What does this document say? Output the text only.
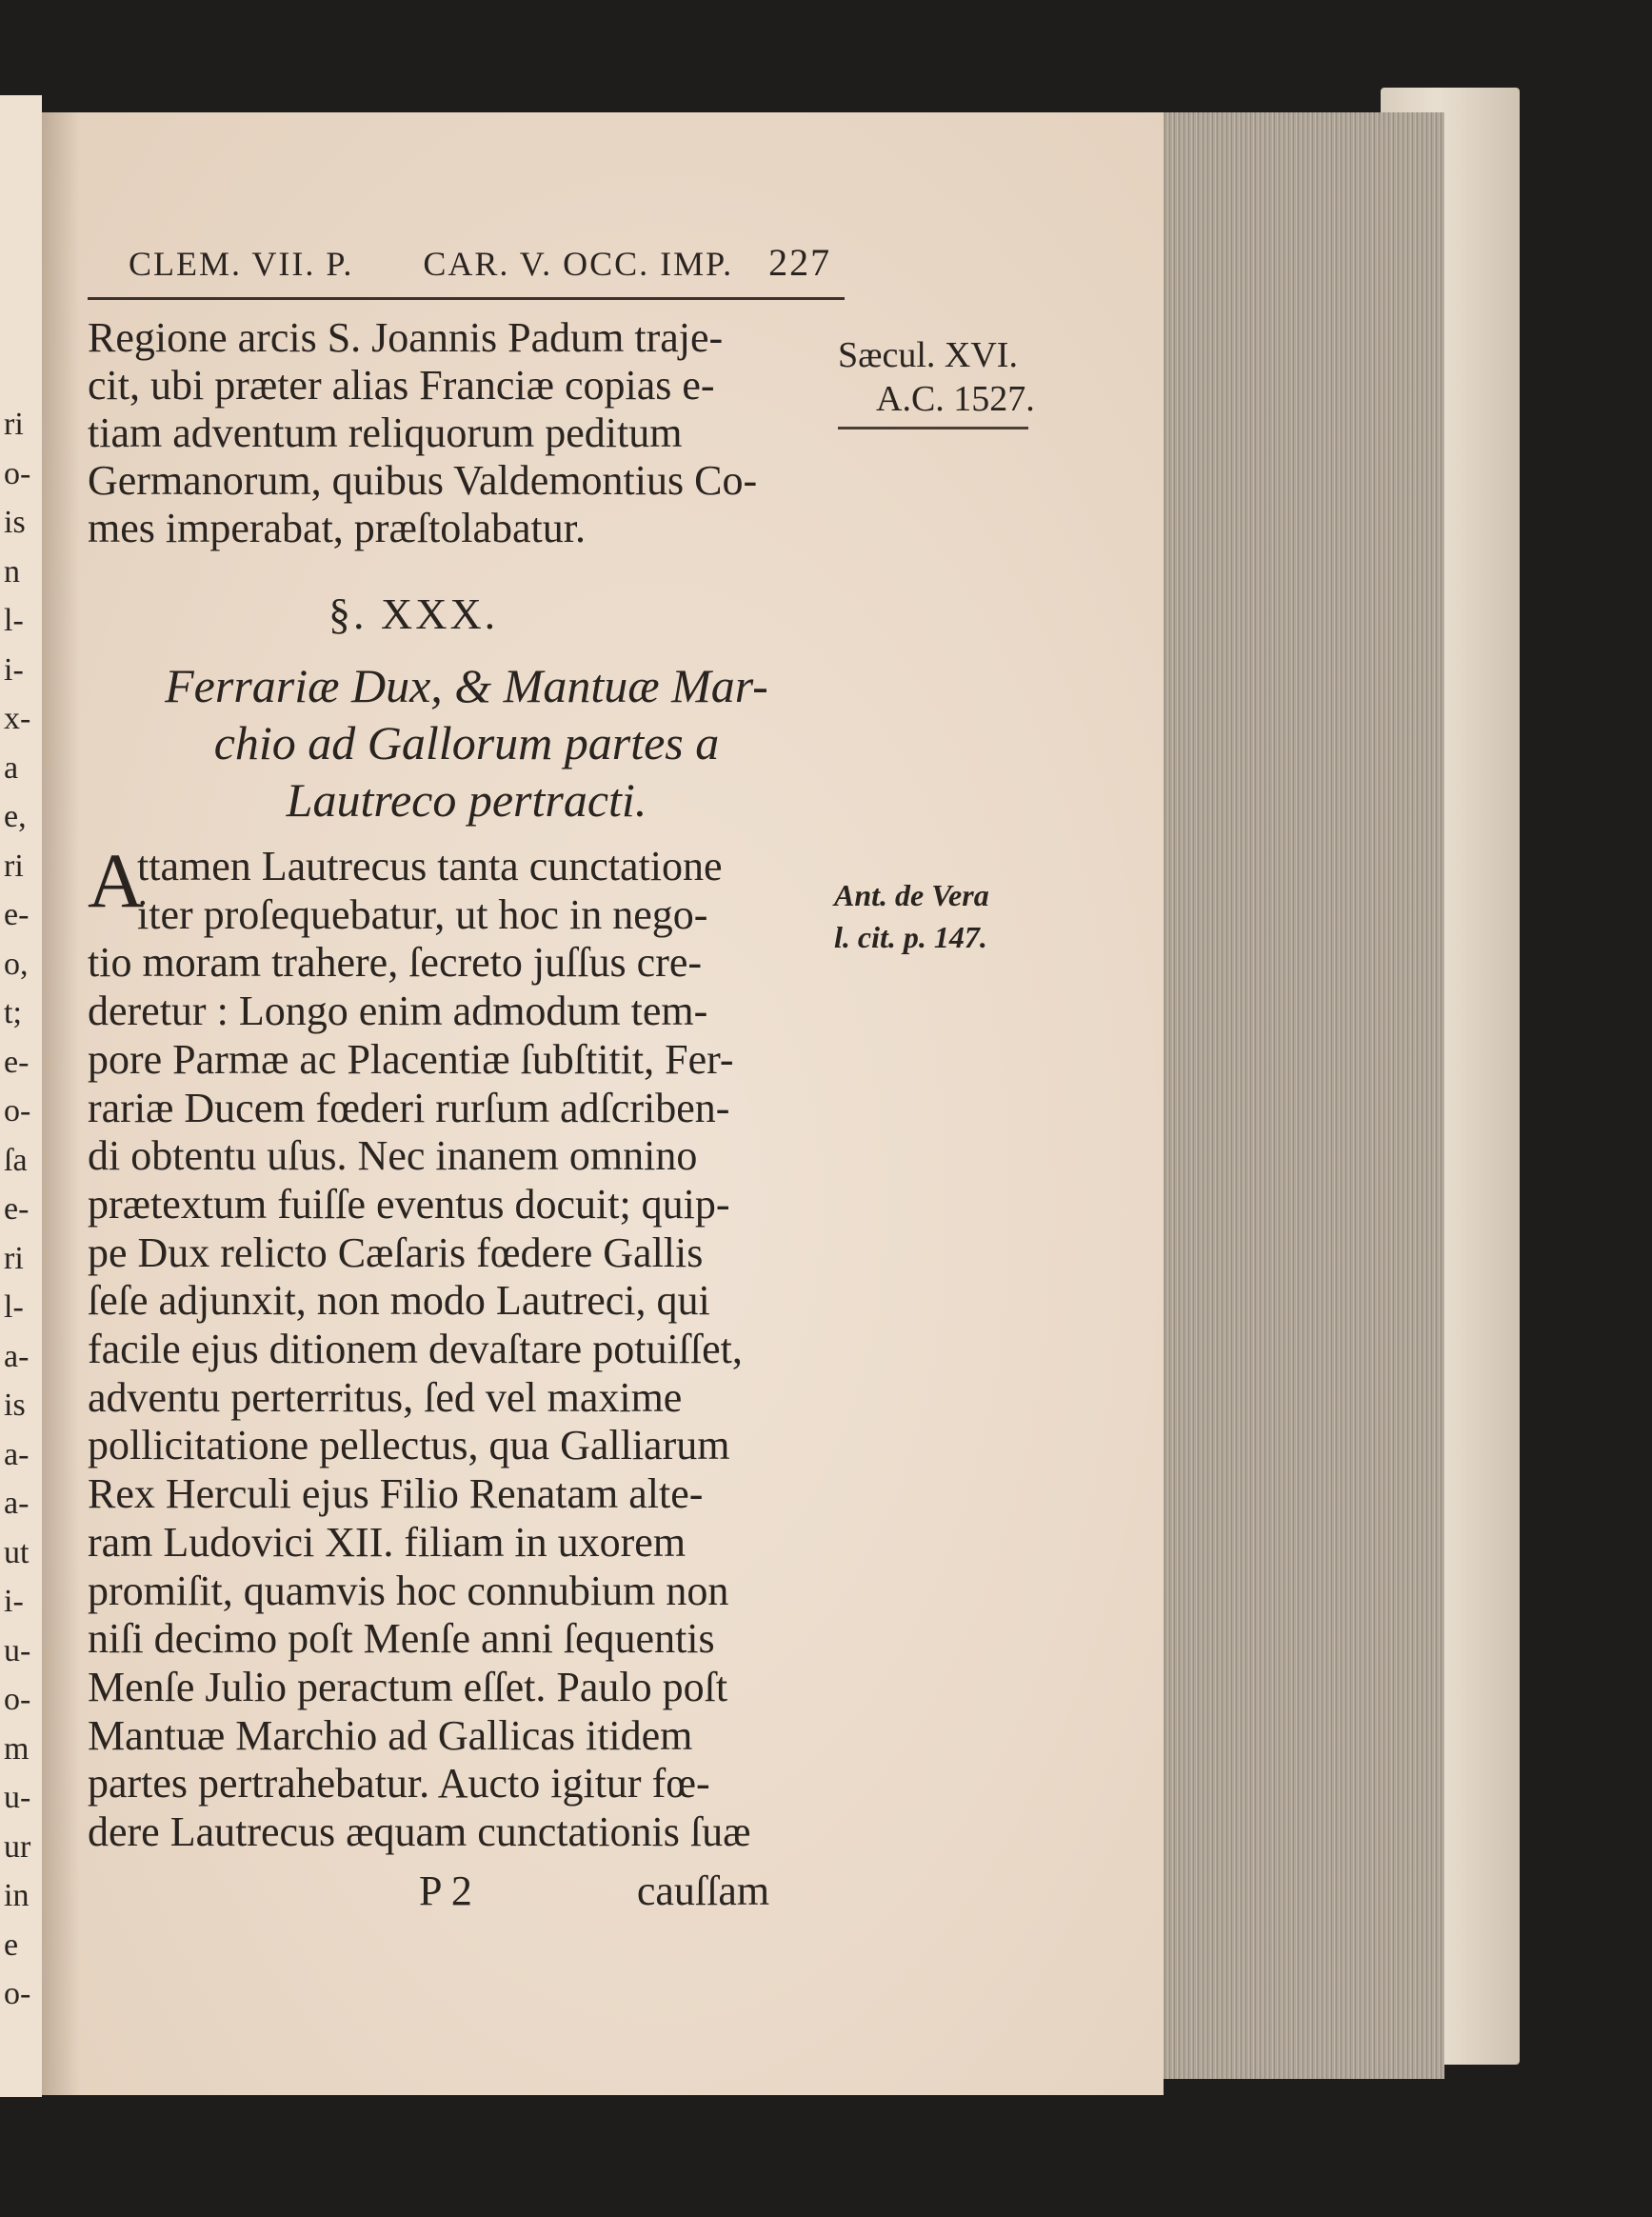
ri
o-
is
n
l-
i-
x-
a
e,
ri
e-
o,
t;
e-
o-
ſa
e-
ri
l-
a-
is
a-
a-
ut
i-
u-
o-
m
u-
ur
in
e
o-
CLEM. VII. P. CAR. V. OCC. IMP. 227
Sæcul. XVI.
A.C. 1527.
Regione arcis S. Joannis Padum traje-
cit, ubi præter alias Franciæ copias e-
tiam adventum reliquorum peditum
Germanorum, quibus Valdemontius Co-
mes imperabat, præſtolabatur.
§. XXX.
Ferrariæ Dux, & Mantuæ Mar-
chio ad Gallorum partes a
Lautreco pertracti.
Ant. de Vera
l. cit. p. 147.
A
ttamen Lautrecus tanta cunctatione
iter proſequebatur, ut hoc in nego-
tio moram trahere, ſecreto juſſus cre-
deretur : Longo enim admodum tem-
pore Parmæ ac Placentiæ ſubſtitit, Fer-
rariæ Ducem fœderi rurſum adſcriben-
di obtentu uſus. Nec inanem omnino
prætextum fuiſſe eventus docuit; quip-
pe Dux relicto Cæſaris fœdere Gallis
ſeſe adjunxit, non modo Lautreci, qui
facile ejus ditionem devaſtare potuiſſet,
adventu perterritus, ſed vel maxime
pollicitatione pellectus, qua Galliarum
Rex Herculi ejus Filio Renatam alte-
ram Ludovici XII. filiam in uxorem
promiſit, quamvis hoc connubium non
niſi decimo poſt Menſe anni ſequentis
Menſe Julio peractum eſſet. Paulo poſt
Mantuæ Marchio ad Gallicas itidem
partes pertrahebatur. Aucto igitur fœ-
dere Lautrecus æquam cunctationis ſuæ
P 2	cauſſam
